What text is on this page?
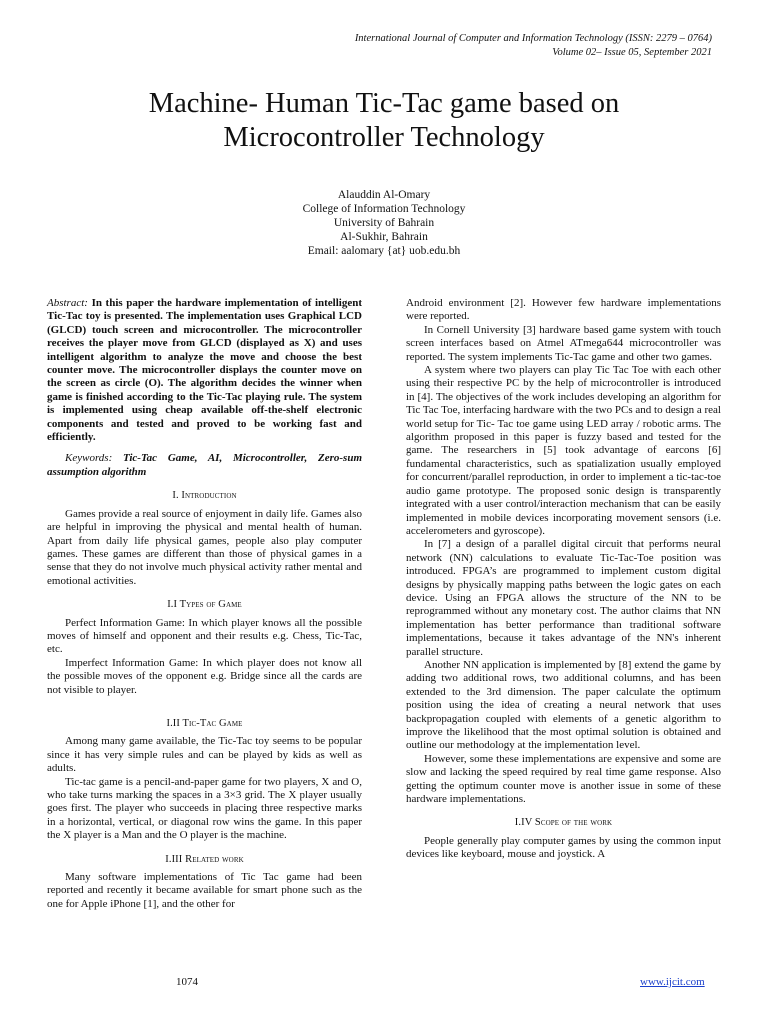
International Journal of Computer and Information Technology (ISSN: 2279 – 0764)
Volume 02– Issue 05, September 2021
Machine- Human Tic-Tac game based on
Microcontroller Technology
Alauddin Al-Omary
College of Information Technology
University of Bahrain
Al-Sukhir, Bahrain
Email: aalomary {at} uob.edu.bh

Abstract: In this paper the hardware implementation of intelligent Tic-Tac toy is presented. The implementation uses Graphical LCD (GLCD) touch screen and microcontroller. The microcontroller receives the player move from GLCD (displayed as X) and uses intelligent algorithm to analyze the move and choose the best counter move. The microcontroller displays the counter move on the screen as circle (O). The algorithm decides the winner when game is finished according to the Tic-Tac playing rule. The system is implemented using cheap available off-the-shelf electronic components and tested and proved to be working fast and efficiently.

Keywords: Tic-Tac Game, AI, Microcontroller, Zero-sum assumption algorithm

I. Introduction

Games provide a real source of enjoyment in daily life. Games also are helpful in improving the physical and mental health of human. Apart from daily life physical games, people also play computer games. These games are different than those of physical games in a sense that they do not involve much physical activity rather mental and emotional activities.

I.I Types of Game

Perfect Information Game: In which player knows all the possible moves of himself and opponent and their results e.g. Chess, Tic-Tac, etc.

Imperfect Information Game: In which player does not know all the possible moves of the opponent e.g. Bridge since all the cards are not visible to player.

I.II Tic-Tac Game

Among many game available, the Tic-Tac toy seems to be popular since it has very simple rules and can be played by kids as well as adults.

Tic-tac game is a pencil-and-paper game for two players, X and O, who take turns marking the spaces in a 3×3 grid. The X player usually goes first. The player who succeeds in placing three respective marks in a horizontal, vertical, or diagonal row wins the game. In this paper the X player is a Man and the O player is the machine.

I.III Related work

Many software implementations of Tic Tac game had been reported and recently it became available for smart phone such as the one for Apple iPhone [1], and the other for

Android environment [2]. However few hardware implementations were reported.

In Cornell University [3] hardware based game system with touch screen interfaces based on Atmel ATmega644 microcontroller was reported. The system implements Tic-Tac game and other two games.

A system where two players can play Tic Tac Toe with each other using their respective PC by the help of microcontroller is introduced in [4]. The objectives of the work includes developing an algorithm for Tic Tac Toe, interfacing hardware with the two PCs and to design a real world setup for Tic- Tac toe game using LED array / robotic arms. The algorithm proposed in this paper is fuzzy based and tested for the game. The researchers in [5] took advantage of earcons [6] fundamental characteristics, such as spatialization usually employed for concurrent/parallel reproduction, in order to implement a tic-tac-toe audio game prototype. The proposed sonic design is transparently integrated with a user control/interaction mechanism that can be easily implemented in mobile devices incorporating movement sensors (i.e. accelerometers and gyroscope).

In [7] a design of a parallel digital circuit that performs neural network (NN) calculations to evaluate Tic-Tac-Toe position was introduced. FPGA’s are programmed to implement custom digital designs by physically mapping paths between the logic gates on each device. Using an FPGA allows the structure of the NN to be reprogrammed without any monetary cost. The author claims that NN implementation has better performance than traditional software implementations, because it takes advantage of the NN's inherent parallel structure.

Another NN application is implemented by [8] extend the game by adding two additional rows, two additional columns, and has been extended to the 3rd dimension. The paper calculate the optimum position using the idea of creating a neural network that uses backpropagation coupled with elements of a genetic algorithm to improve the likelihood that the most optimal solution is obtained and outline our methodology at the implementation level.

However, some these implementations are expensive and some are slow and lacking the speed required by real time game response. Also getting the optimum counter move is another issue in some of these hardware implementations.

I.IV Scope of the work

People generally play computer games by using the common input devices like keyboard, mouse and joystick. A

1074	www.ijcit.com
